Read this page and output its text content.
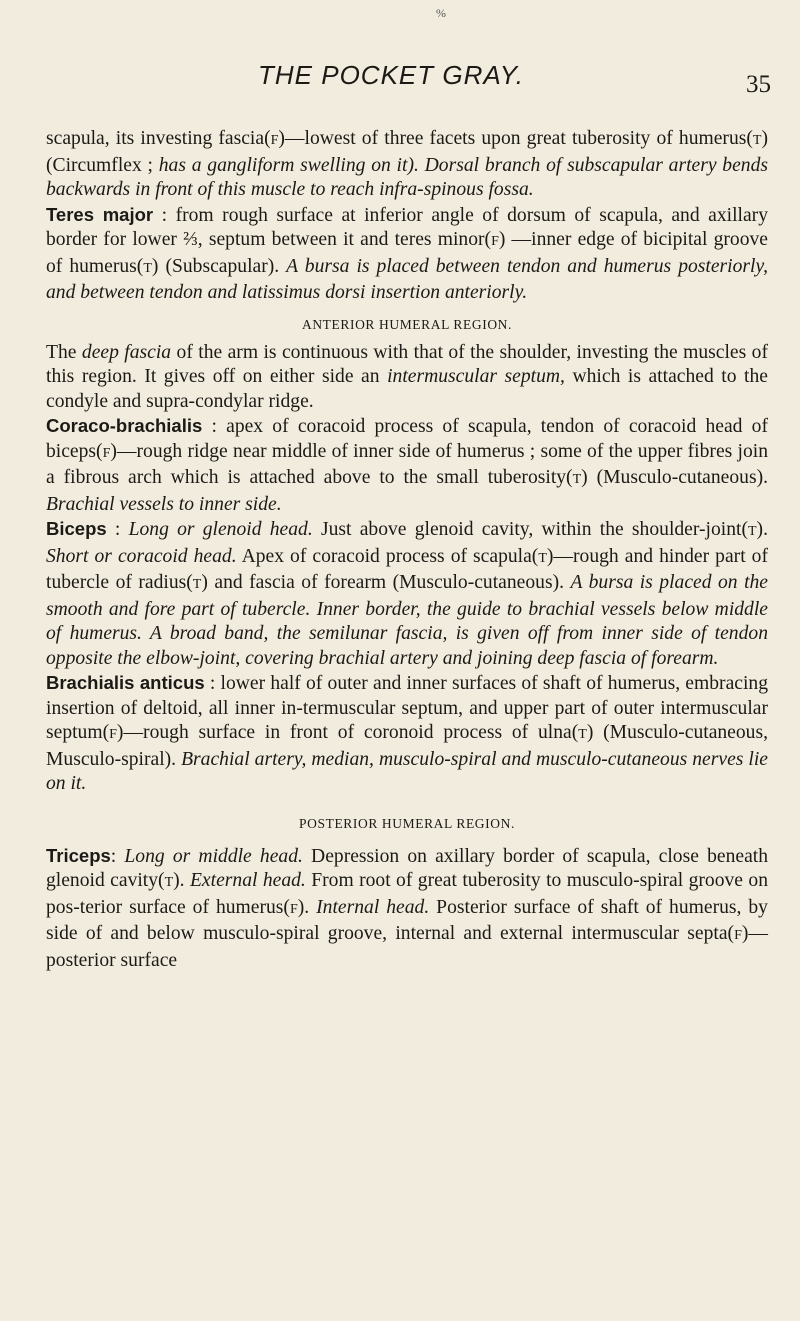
%
THE POCKET GRAY.	35

scapula, its investing fascia(F)—lowest of three facets upon great tuberosity of humerus(T) (Circumflex ; has a gangliform swelling on it). Dorsal branch of subscapular artery bends backwards in front of this muscle to reach infra-spinous fossa.

Teres major : from rough surface at inferior angle of dorsum of scapula, and axillary border for lower ⅔, septum between it and teres minor(F) —inner edge of bicipital groove of humerus(T) (Subscapular). A bursa is placed between tendon and humerus posteriorly, and between tendon and latissimus dorsi insertion anteriorly.

ANTERIOR HUMERAL REGION.

The deep fascia of the arm is continuous with that of the shoulder, investing the muscles of this region. It gives off on either side an intermuscular septum, which is attached to the condyle and supra-condylar ridge.

Coraco-brachialis : apex of coracoid process of scapula, tendon of coracoid head of biceps(F)—rough ridge near middle of inner side of humerus ; some of the upper fibres join a fibrous arch which is attached above to the small tuberosity(T) (Musculo-cutaneous). Brachial vessels to inner side.

Biceps : Long or glenoid head. Just above glenoid cavity, within the shoulder-joint(T). Short or coracoid head. Apex of coracoid process of scapula(T)—rough and hinder part of tubercle of radius(T) and fascia of forearm (Musculo-cutaneous). A bursa is placed on the smooth and fore part of tubercle. Inner border, the guide to brachial vessels below middle of humerus. A broad band, the semilunar fascia, is given off from inner side of tendon opposite the elbow-joint, covering brachial artery and joining deep fascia of forearm.

Brachialis anticus : lower half of outer and inner surfaces of shaft of humerus, embracing insertion of deltoid, all inner in-termuscular septum, and upper part of outer intermuscular septum(F)—rough surface in front of coronoid process of ulna(T) (Musculo-cutaneous, Musculo-spiral). Brachial artery, median, musculo-spiral and musculo-cutaneous nerves lie on it.

POSTERIOR HUMERAL REGION.

Triceps: Long or middle head. Depression on axillary border of scapula, close beneath glenoid cavity(T). External head. From root of great tuberosity to musculo-spiral groove on pos-terior surface of humerus(F). Internal head. Posterior surface of shaft of humerus, by side of and below musculo-spiral groove, internal and external intermuscular septa(F)—posterior surface
